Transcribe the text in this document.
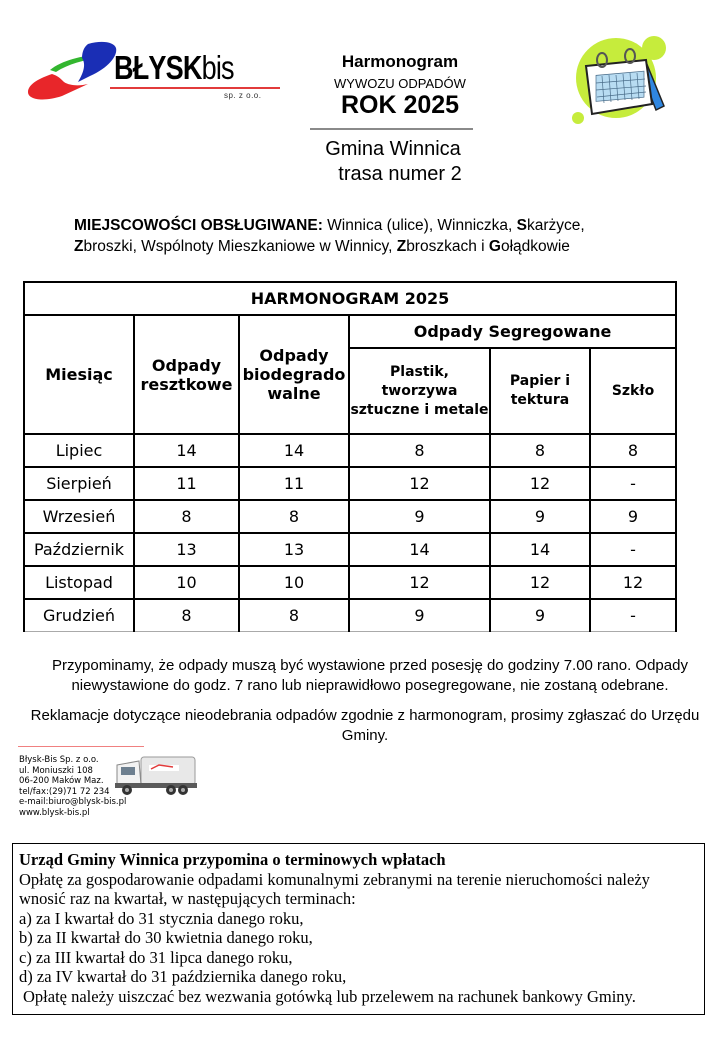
BŁYSKbis
sp. z o.o.
Harmonogram
WYWOZU ODPADÓW
ROK 2025
Gmina Winnica
trasa numer 2
MIEJSCOWOŚCI OBSŁUGIWANE: Winnica (ulice), Winniczka, Skarżyce,
Zbroszki, Wspólnoty Mieszkaniowe w Winnicy, Zbroszkach i Gołądkowie
HARMONOGRAM 2025					
Miesiąc	Odpady resztkowe	Odpady biodegrado walne	Odpady Segregowane		
			Plastik, tworzywa sztuczne i metale	Papier i tektura	Szkło
Lipiec	14	14	8	8	8
Sierpień	11	11	12	12	-
Wrzesień	8	8	9	9	9
Październik	13	13	14	14	-
Listopad	10	10	12	12	12
Grudzień	8	8	9	9	-
Przypominamy, że odpady muszą być wystawione przed posesję do godziny 7.00 rano. Odpady
niewystawione do godz. 7 rano lub nieprawidłowo posegregowane, nie zostaną odebrane.
Reklamacje dotyczące nieodebrania odpadów zgodnie z harmonogram, prosimy zgłaszać do Urzędu
Gminy.
Błysk-Bis Sp. z o.o.
ul. Moniuszki 108
06-200 Maków Maz.
tel/fax:(29)71 72 234
e-mail:biuro@blysk-bis.pl
www.blysk-bis.pl
Urząd Gminy Winnica przypomina o terminowych wpłatach
Opłatę za gospodarowanie odpadami komunalnymi zebranymi na terenie nieruchomości należy
wnosić raz na kwartał, w następujących terminach:
a) za I kwartał do 31 stycznia danego roku,
b) za II kwartał do 30 kwietnia danego roku,
c) za III kwartał do 31 lipca danego roku,
d) za IV kwartał do 31 października danego roku,
Opłatę należy uiszczać bez wezwania gotówką lub przelewem na rachunek bankowy Gminy.
